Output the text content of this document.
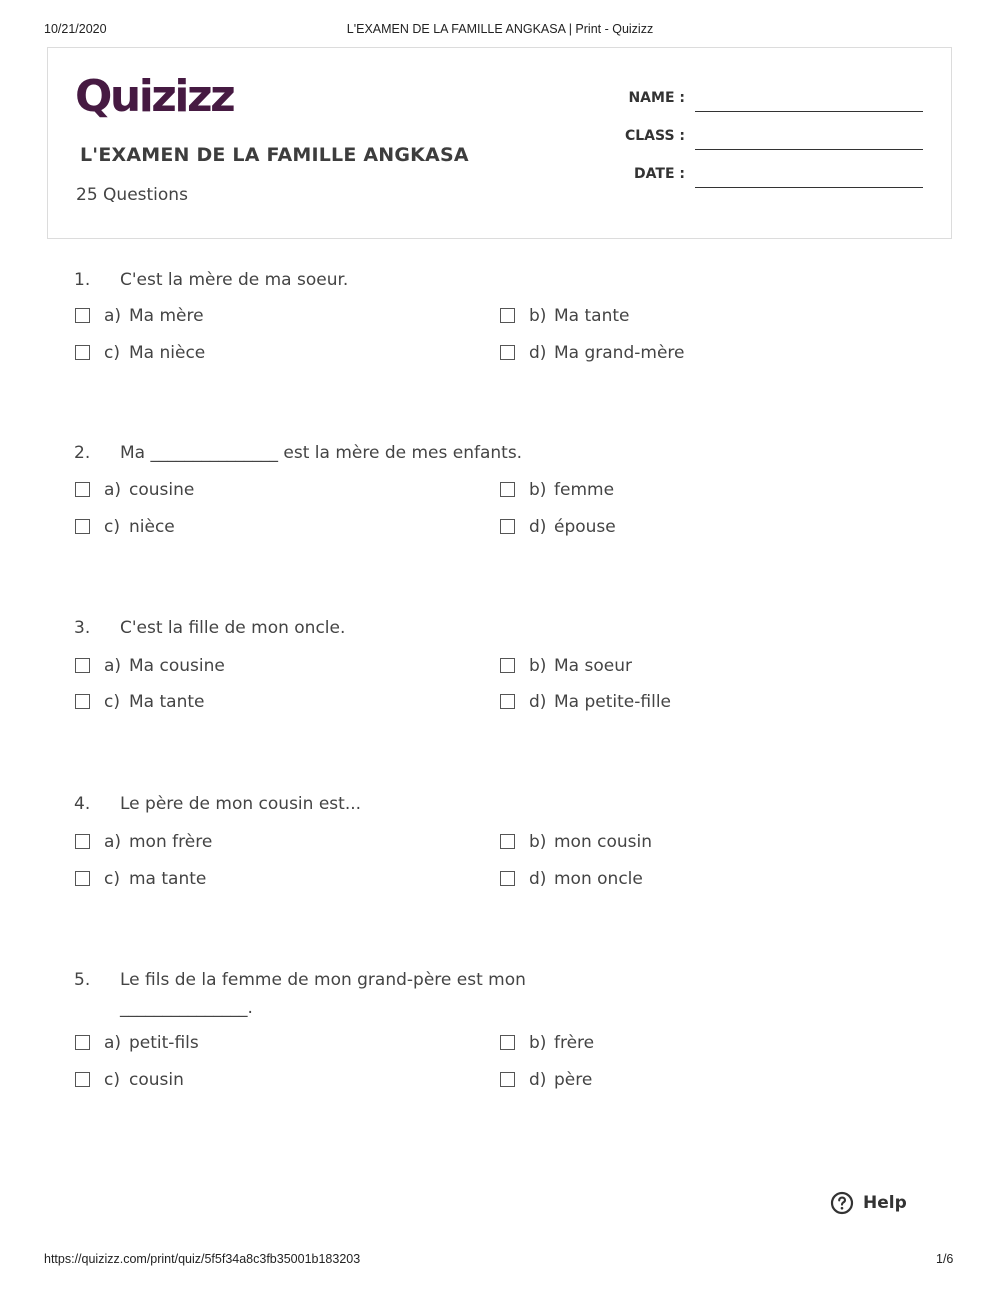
10/21/2020	L'EXAMEN DE LA FAMILLE ANGKASA | Print - Quizizz
Quizizz
L'EXAMEN DE LA FAMILLE ANGKASA
25 Questions
NAME :
CLASS :
DATE :
1. C'est la mère de ma soeur.
a) Ma mère	b) Ma tante
c) Ma nièce	d) Ma grand-mère
2. Ma _______________ est la mère de mes enfants.
a) cousine	b) femme
c) nièce	d) épouse
3. C'est la fille de mon oncle.
a) Ma cousine	b) Ma soeur
c) Ma tante	d) Ma petite-fille
4. Le père de mon cousin est...
a) mon frère	b) mon cousin
c) ma tante	d) mon oncle
5. Le fils de la femme de mon grand-père est mon _______________.
a) petit-fils	b) frère
c) cousin	d) père
Help
https://quizizz.com/print/quiz/5f5f34a8c3fb35001b183203	1/6
